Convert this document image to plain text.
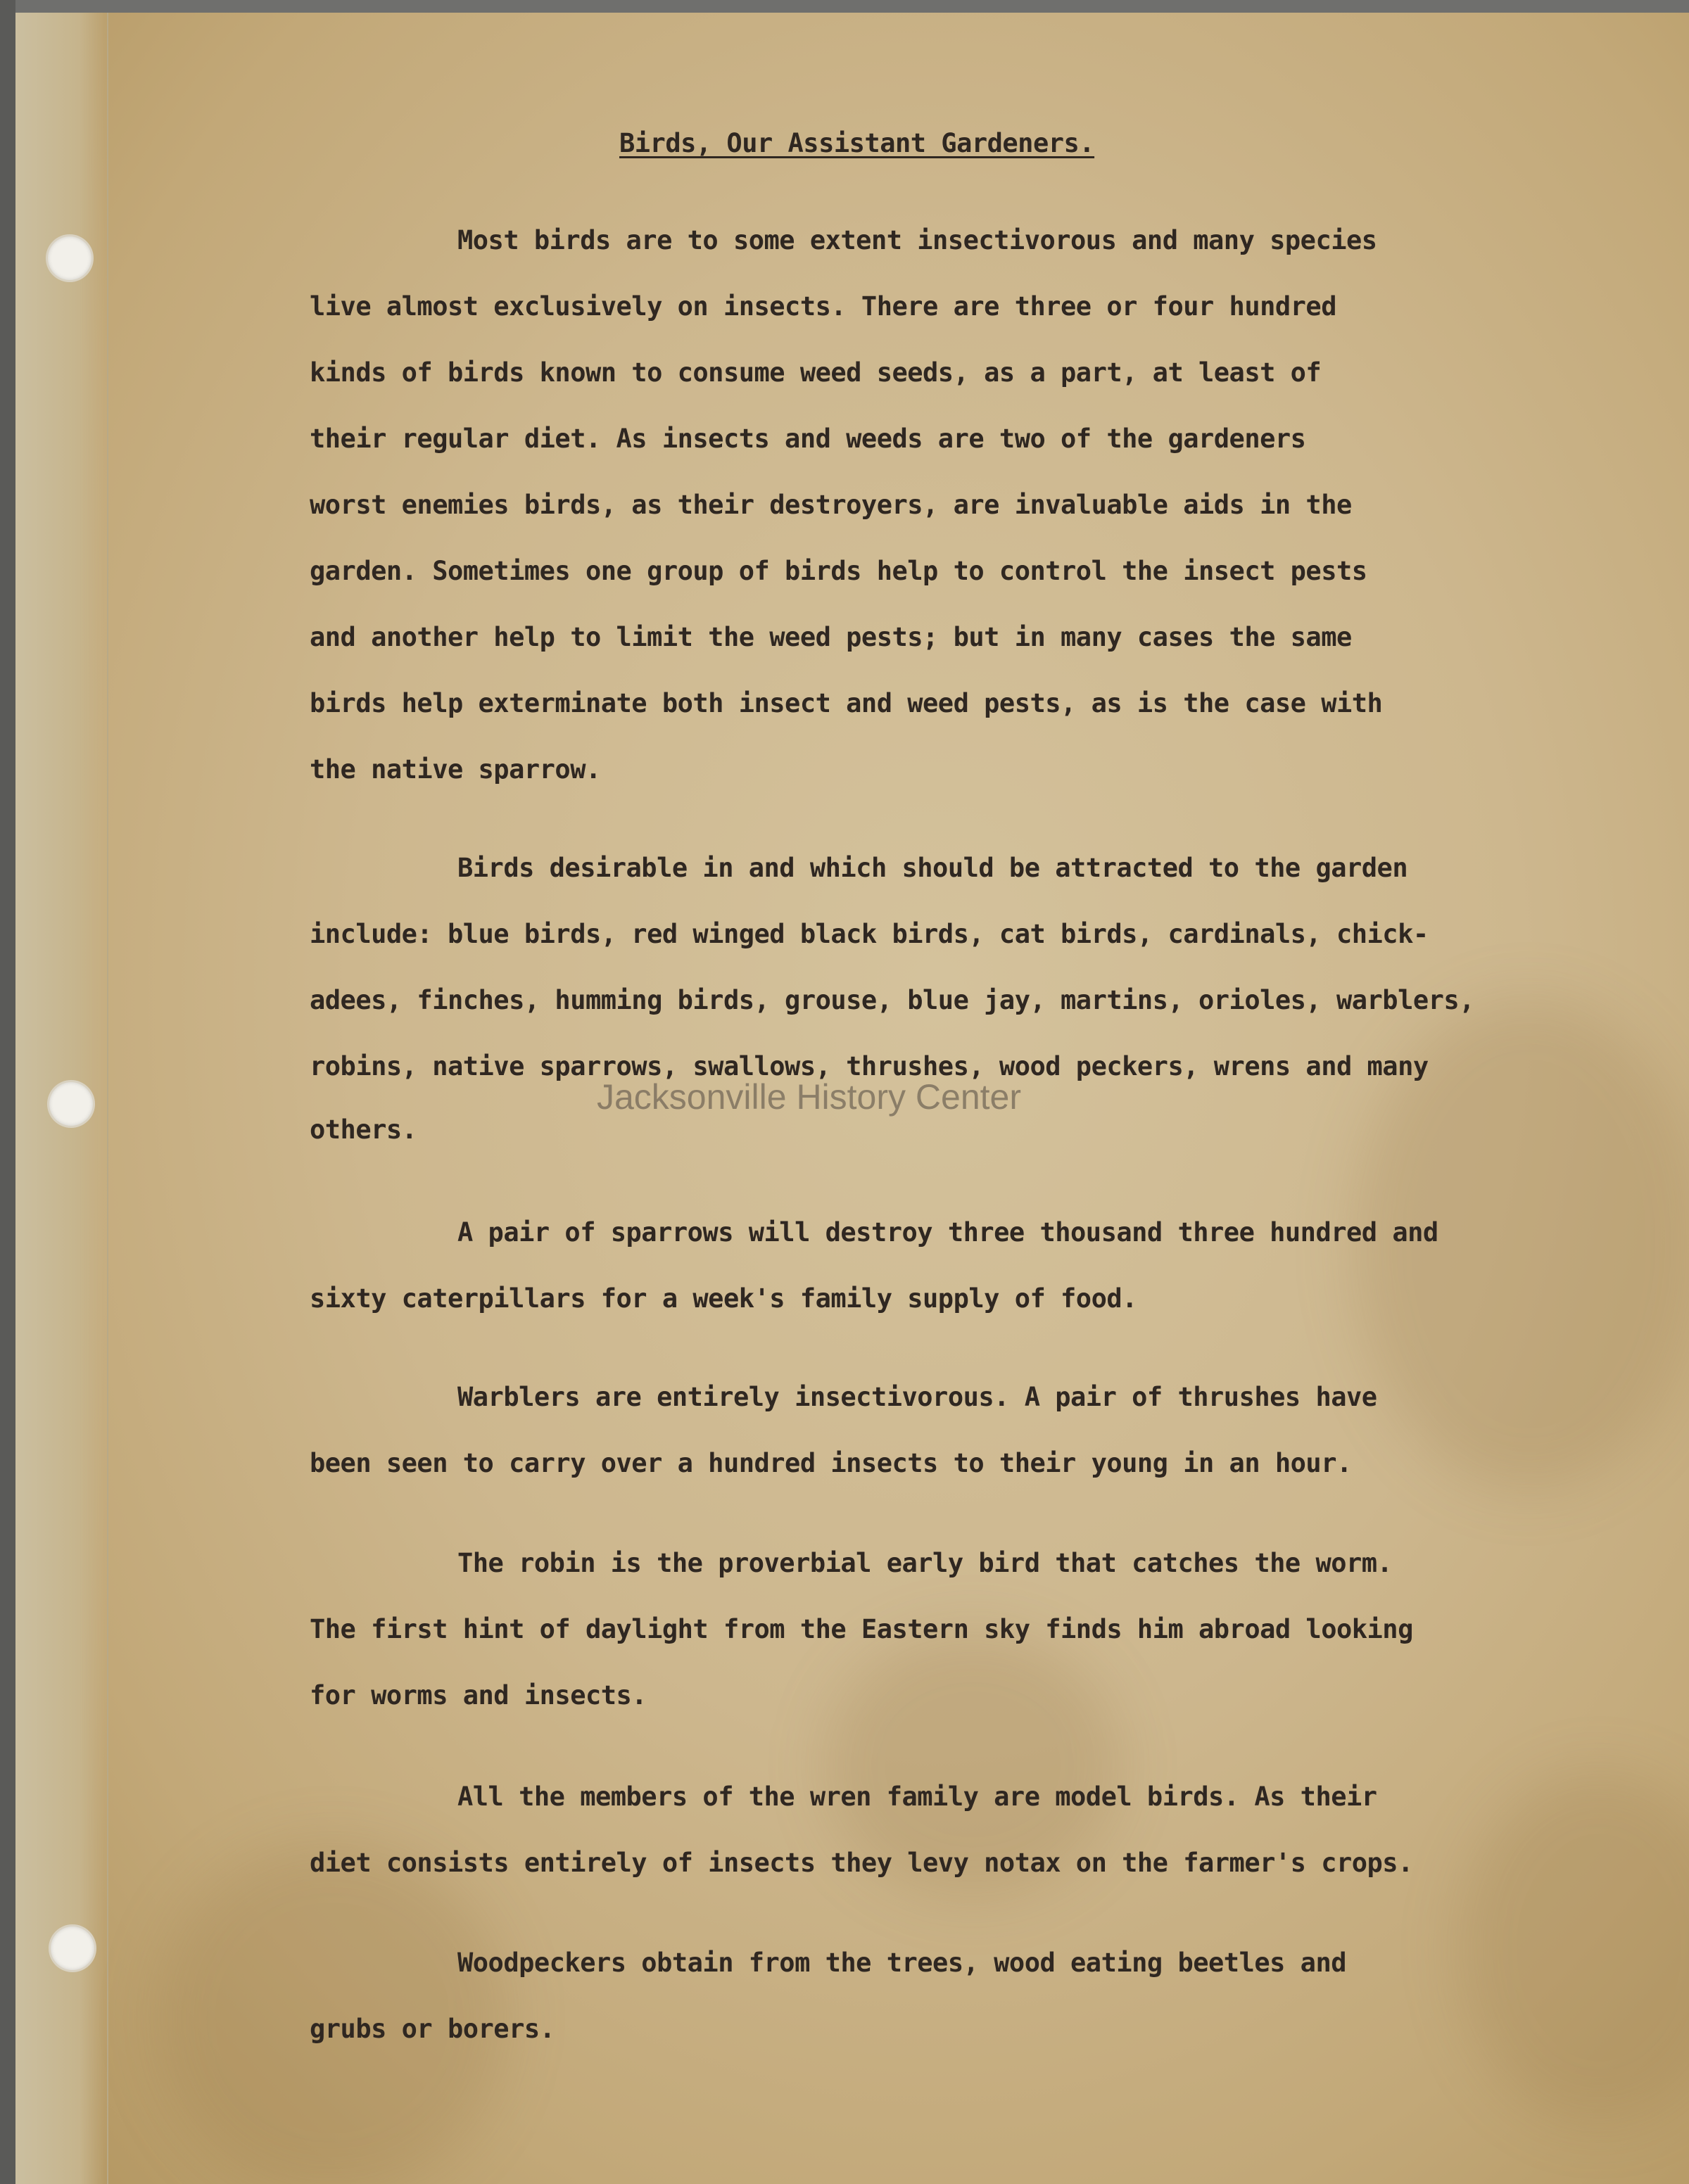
Birds, Our Assistant Gardeners.
Most birds are to some extent insectivorous and many species
live almost exclusively on insects. There are three or four hundred
kinds of birds known to consume weed seeds, as a part, at least of
their regular diet. As insects and weeds are two of the gardeners
worst enemies birds, as their destroyers, are invaluable aids in the
garden. Sometimes one group of birds help to control the insect pests
and another help to limit the weed pests; but in many cases the same
birds help exterminate both insect and weed pests, as is the case with
the native sparrow.
Birds desirable in and which should be attracted to the garden
include: blue birds, red winged black birds, cat birds, cardinals, chick-
adees, finches, humming birds, grouse, blue jay, martins, orioles, warblers,
robins, native sparrows, swallows, thrushes, wood peckers, wrens and many
others.
A pair of sparrows will destroy three thousand three hundred and
sixty caterpillars for a week's family supply of food.
Warblers are entirely insectivorous. A pair of thrushes have
been seen to carry over a hundred insects to their young in an hour.
The robin is the proverbial early bird that catches the worm.
The first hint of daylight from the Eastern sky finds him abroad looking
for worms and insects.
All the members of the wren family are model birds. As their
diet consists entirely of insects they levy notax on the farmer's crops.
Woodpeckers obtain from the trees, wood eating beetles and
grubs or borers.
Jacksonville History Center
